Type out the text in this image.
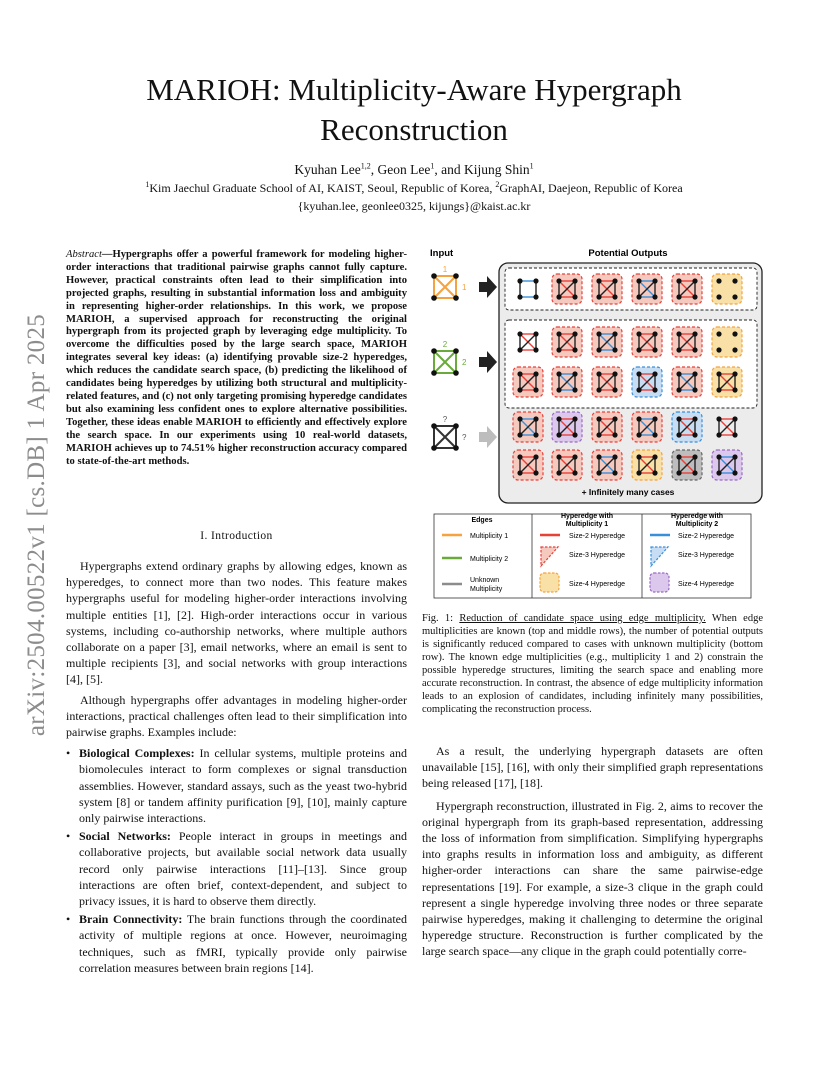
arXiv:2504.00522v1 [cs.DB] 1 Apr 2025
MARIOH: Multiplicity-Aware Hypergraph
Reconstruction
Kyuhan Lee$^{1,2}$, Geon Lee$^1$, and Kijung Shin$^1$
$^1$Kim Jaechul Graduate School of AI, KAIST, Seoul, Republic of Korea, $^2$GraphAI, Daejeon, Republic of Korea
{kyuhan.lee, geonlee0325, kijungs}@kaist.ac.kr
Abstract—Hypergraphs offer a powerful framework for modeling higher-order interactions that traditional pairwise graphs cannot fully capture. However, practical constraints often lead to their simplification into projected graphs, resulting in substantial information loss and ambiguity in representing higher-order relationships. In this work, we propose MARIOH, a supervised approach for reconstructing the original hypergraph from its projected graph by leveraging edge multiplicity. To overcome the difficulties posed by the large search space, MARIOH integrates several key ideas: (a) identifying provable size-2 hyperedges, which reduces the candidate search space, (b) predicting the likelihood of candidates being hyperedges by utilizing both structural and multiplicity-related features, and (c) not only targeting promising hyperedge candidates but also examining less confident ones to explore alternative possibilities. Together, these ideas enable MARIOH to efficiently and effectively explore the search space. In our experiments using 10 real-world datasets, MARIOH achieves up to 74.51% higher reconstruction accuracy compared to state-of-the-art methods.
I. Introduction

Hypergraphs extend ordinary graphs by allowing edges, known as hyperedges, to connect more than two nodes. This feature makes hypergraphs useful for modeling higher-order interactions involving multiple entities [1], [2]. High-order interactions occur in various systems, including co-authorship networks, where multiple authors collaborate on a paper [3], email networks, where an email is sent to multiple recipients [3], and social networks with group interactions [4], [5].

Although hypergraphs offer advantages in modeling higher-order interactions, practical challenges often lead to their simplification into pairwise graphs. Examples include:

• Biological Complexes: In cellular systems, multiple proteins and biomolecules interact to form complexes or signal transduction assemblies. However, standard assays, such as the yeast two-hybrid system [8] or tandem affinity purification [9], [10], mainly capture only pairwise interactions.
• Social Networks: People interact in groups in meetings and collaborative projects, but available social network data usually record only pairwise interactions [11]–[13]. Since group interactions are often brief, context-dependent, and subject to privacy issues, it is hard to observe them directly.
• Brain Connectivity: The brain functions through the coordinated activity of multiple regions at once. However, neuroimaging techniques, such as fMRI, typically provide only pairwise correlation measures between brain regions [14].
Input	Potential Outputs
1
1
2
2
?
?
+ Infinitely many cases
Edges
Hyperedge with
Multiplicity 1
Hyperedge with
Multiplicity 2
Multiplicity 1
Multiplicity 2
Unknown
Multiplicity
Size-2 Hyperedge
Size-3 Hyperedge
Size-4 Hyperedge
Size-2 Hyperedge
Size-3 Hyperedge
Size-4 Hyperedge
Fig. 1: Reduction of candidate space using edge multiplicity. When edge multiplicities are known (top and middle rows), the number of potential outputs is significantly reduced compared to cases with unknown multiplicity (bottom row). The known edge multiplicities (e.g., multiplicity 1 and 2) constrain the possible hyperedge structures, limiting the search space and enabling more accurate reconstruction. In contrast, the absence of edge multiplicity information leads to an explosion of candidates, including infinitely many possibilities, complicating the reconstruction process.

As a result, the underlying hypergraph datasets are often unavailable [15], [16], with only their simplified graph representations being released [17], [18].

Hypergraph reconstruction, illustrated in Fig. 2, aims to recover the original hypergraph from its graph-based representation, addressing the loss of information from simplification. Simplifying hypergraphs into graphs results in information loss and ambiguity, as different higher-order interactions can share the same pairwise-edge representations [19]. For example, a size-3 clique in the graph could represent a single hyperedge involving three nodes or three separate pairwise hyperedges, making it challenging to determine the original hyperedge structure. Reconstruction is further complicated by the large search space—any clique in the graph could potentially corre-
